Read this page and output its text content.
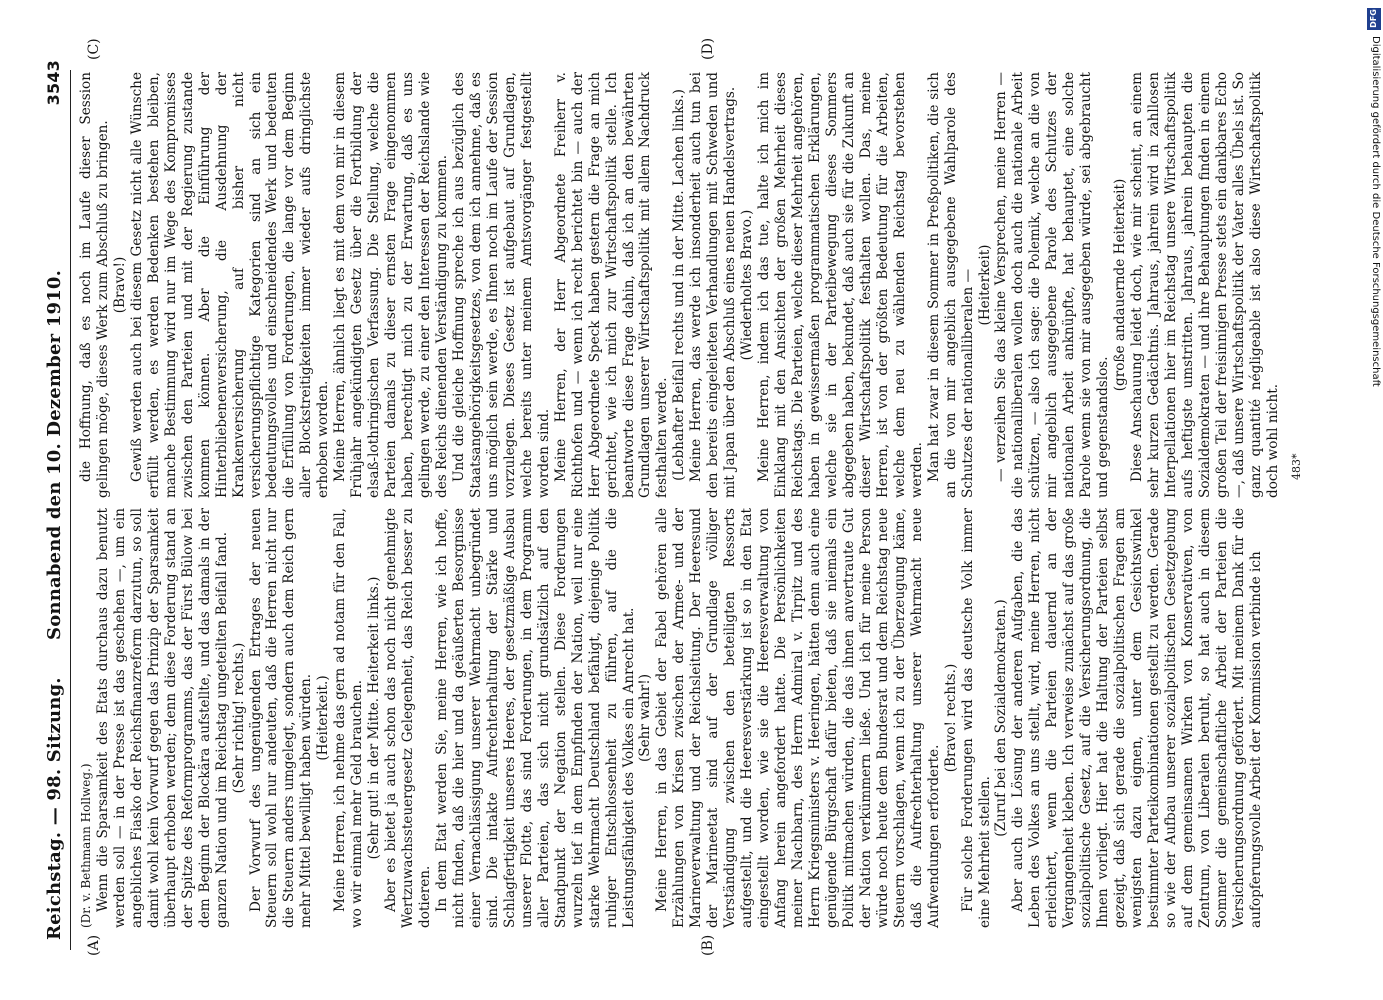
Reichstag. — 98. Sitzung.
Sonnabend den 10. Dezember 1910.
3543
(A)	(B)
(C)	(D)

(Dr. v. Bethmann Hollweg.) Wenn die Sparsamkeit des Etats durchaus dazu benutzt werden soll — in der Presse ist das geschehen —, um ein angebliches Fiasko der Reichsfinanzreform darzutun, so soll damit wohl kein Vorwurf gegen das Prinzip der Sparsamkeit überhaupt erhoben werden; denn diese Forderung stand an der Spitze des Reformprogramms, das der Fürst Bülow bei dem Beginn der Blockära aufstellte, und das damals in der ganzen Nation und im Reichstag ungeteilten Beifall fand. (Sehr richtig! rechts.) Der Vorwurf des ungenügenden Ertrages der neuen Steuern soll wohl nur andeuten, daß die Herren nicht nur die Steuern anders umgelegt, sondern auch dem Reich gern mehr Mittel bewilligt haben würden. (Heiterkeit.) Meine Herren, ich nehme das gern ad notam für den Fall, wo wir einmal mehr Geld brauchen. (Sehr gut! in der Mitte. Heiterkeit links.) Aber es bietet ja auch schon das noch nicht genehmigte Wertzuwachssteuergesetz Gelegenheit, das Reich besser zu dotieren. In dem Etat werden Sie, meine Herren, wie ich hoffe, nicht finden, daß die hier und da geäußerten Besorgnisse einer Vernachlässigung unserer Wehrmacht unbegründet sind. Die intakte Aufrechterhaltung der Stärke und Schlagfertigkeit unseres Heeres, der gesetzmäßige Ausbau unserer Flotte, das sind Forderungen, in dem Programm aller Parteien, das sich nicht grundsätzlich auf den Standpunkt der Negation stellen. Diese Forderungen wurzeln tief in dem Empfinden der Nation, weil nur eine starke Wehrmacht Deutschland befähigt, diejenige Politik ruhiger Entschlossenheit zu führen, auf die die Leistungsfähigkeit des Volkes ein Anrecht hat. (Sehr wahr!) Meine Herren, in das Gebiet der Fabel gehören alle Erzählungen von Krisen zwischen der Armee- und der Marineverwaltung und der Reichsleitung. Der Heeresund der Marineetat sind auf der Grundlage völliger Verständigung zwischen den beteiligten Ressorts aufgestellt, und die Heeresverstärkung ist so in den Etat eingestellt worden, wie sie die Heeresverwaltung von Anfang herein angefordert hatte. Die Persönlichkeiten meiner Nachbarn, des Herrn Admiral v. Tirpitz und des Herrn Kriegsministers v. Heeringen, hätten denn auch eine genügende Bürgschaft dafür bieten, daß sie niemals ein Politik mitmachen würden, die das ihnen anvertraute Gut der Nation verkümmern ließe. Und ich für meine Person würde noch heute dem Bundesrat und dem Reichstag neue Steuern vorschlagen, wenn ich zu der Überzeugung käme, daß die Aufrechterhaltung unserer Wehrmacht neue Aufwendungen erforderte.

(Bravo! rechts.) Für solche Forderungen wird das deutsche Volk immer eine Mehrheit stellen.

(Zuruf bei den Sozialdemokraten.) Aber auch die Lösung der anderen Aufgaben, die das Leben des Volkes an uns stellt, wird, meine Herren, nicht erleichtert, wenn die Parteien dauernd an der Vergangenheit kleben. Ich verweise zunächst auf das große sozialpolitische Gesetz, auf die Versicherungsordnung, die Ihnen vorliegt. Hier hat die Haltung der Parteien selbst gezeigt, daß sich gerade die sozialpolitischen Fragen am wenigsten dazu eignen, unter dem Gesichtswinkel bestimmter Parteikombinationen gestellt zu werden. Gerade so wie der Aufbau unserer sozialpolitischen Gesetzgebung auf dem gemeinsamen Wirken von Konservativen, von Zentrum, von Liberalen beruht, so hat auch in diesem Sommer die gemeinschaftliche Arbeit der Parteien die Versicherungsordnung gefördert. Mit meinem Dank für die aufopferungsvolle Arbeit der Kommission verbinde ich

die Hoffnung, daß es noch im Laufe dieser Session gelingen möge, dieses Werk zum Abschluß zu bringen. (Bravo!) Gewiß werden auch bei diesem Gesetz nicht alle Wünsche erfüllt werden, es werden Bedenken bestehen bleiben, manche Bestimmung wird nur im Wege des Kompromisses zwischen den Parteien und mit der Regierung zustande kommen können. Aber die Einführung der Hinterbliebenenversicherung, die Ausdehnung der Krankenversicherung auf bisher nicht versicherungspflichtige Kategorien sind an sich ein bedeutungsvolles und einschneidendes Werk und bedeuten die Erfüllung von Forderungen, die lange vor dem Beginn aller Blockstreitigkeiten immer wieder aufs dringlichste erhoben worden. Meine Herren, ähnlich liegt es mit dem von mir in diesem Frühjahr angekündigten Gesetz über die Fortbildung der elsaß-lothringischen Verfassung. Die Stellung, welche die Parteien damals zu dieser ernsten Frage eingenommen haben, berechtigt mich zu der Erwartung, daß es uns gelingen werde, zu einer den Interessen der Reichslande wie des Reichs dienenden Verständigung zu kommen. Und die gleiche Hoffnung spreche ich aus bezüglich des Staatsangehörigkeitsgesetzes, von dem ich annehme, daß es uns möglich sein werde, es Ihnen noch im Laufe der Session vorzulegen. Dieses Gesetz ist aufgebaut auf Grundlagen, welche bereits unter meinem Amtsvorgänger festgestellt worden sind. Meine Herren, der Herr Abgeordnete Freiherr v. Richthofen und — wenn ich recht berichtet bin — auch der Herr Abgeordnete Speck haben gestern die Frage an mich gerichtet, wie ich mich zur Wirtschaftspolitik stelle. Ich beantworte diese Frage dahin, daß ich an den bewährten Grundlagen unserer Wirtschaftspolitik mit allem Nachdruck festhalten werde. (Lebhafter Beifall rechts und in der Mitte. Lachen links.) Meine Herren, das werde ich insonderheit auch tun bei den bereits eingeleiteten Verhandlungen mit Schweden und mit Japan über den Abschluß eines neuen Handelsvertrags. (Wiederholtes Bravo.) Meine Herren, indem ich das tue, halte ich mich im Einklang mit den Ansichten der großen Mehrheit dieses Reichstags. Die Parteien, welche dieser Mehrheit angehören, haben in gewissermaßen programmatischen Erklärungen, welche sie in der Parteibewegung dieses Sommers abgegeben haben, bekundet, daß auch sie für die Zukunft an dieser Wirtschaftspolitik festhalten wollen. Das, meine Herren, ist von der größten Bedeutung für die Arbeiten, welche dem neu zu wählenden Reichstag bevorstehen werden. Man hat zwar in diesem Sommer in Preßpolitiken, die sich an die von mir angeblich ausgegebene Wahlparole des Schutzes der nationalliberalen — (Heiterkeit) — verzeihen Sie das kleine Versprechen, meine Herren — die nationalliberalen wollen doch auch die nationale Arbeit schützen, — also ich sage: die Polemik, welche an die von mir angeblich ausgegebene Parole des Schutzes der nationalen Arbeit anknüpfte, hat behauptet, eine solche Parole wenn sie von mir ausgegeben würde, sei abgebraucht und gegenstandslos.

(große andauernde Heiterkeit) Diese Anschauung leidet doch, wie mir scheint, an einem sehr kurzen Gedächtnis. Jahraus, jahrein wird in zahllosen Interpellationen hier im Reichstag unsere Wirtschaftspolitik aufs heftigste umstritten. Jahraus, jahrein behaupten die Sozialdemokraten — und ihre Behauptungen finden in einem großen Teil der freisinnigen Presse stets ein dankbares Echo —, daß unsere Wirtschaftspolitik der Vater alles Übels ist. So ganz quantité négligeable ist also diese Wirtschaftspolitik doch wohl nicht. 483*
DFG
Digitalisierung gefördert durch die Deutsche Forschungsgemeinschaft
